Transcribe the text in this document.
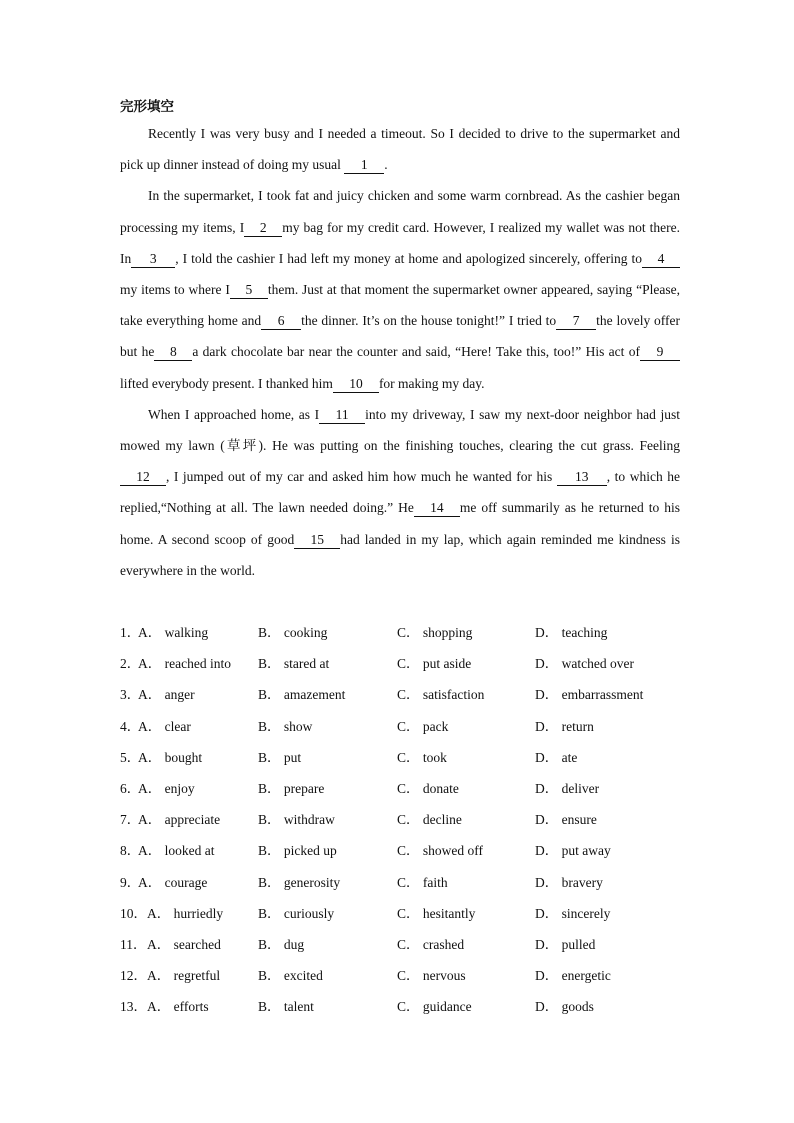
完形填空

Recently I was very busy and I needed a timeout. So I decided to drive to the supermarket and pick up dinner instead of doing my usual 1 .

In the supermarket, I took fat and juicy chicken and some warm cornbread. As the cashier began processing my items, I 2 my bag for my credit card. However, I realized my wallet was not there. In 3 , I told the cashier I had left my money at home and apologized sincerely, offering to 4my items to where I 5 them. Just at that moment the supermarket owner appeared, saying “Please, take everything home and 6 the dinner. It’s on the house tonight!” I tried to 7 the lovely offer but he 8 a dark chocolate bar near the counter and said, “Here! Take this, too!” His act of 9lifted everybody present. I thanked him 10 for making my day.

When I approached home, as I 11 into my driveway, I saw my next-door neighbor had just mowed my lawn (草坪). He was putting on the finishing touches, clearing the cut grass. Feeling12 , I jumped out of my car and asked him how much he wanted for his 13 , to which he replied,“Nothing at all. The lawn needed doing.” He 14 me off summarily as he returned to his home. A second scoop of good 15 had landed in my lap, which again reminded me kindness is everywhere in the world.

1．
A． walking	B． cooking	C． shopping	D． teaching
2．
A． reached into B． stared at	C． put aside	D． watched over
3．
A． anger	B． amazement	C． satisfaction	D． embarrassment
4．
A． clear	B． show	C． pack	D． return
5．
A． bought	B． put	C． took	D． ate
6．
A． enjoy	B． prepare	C． donate	D． deliver
7．
A． appreciate	B． withdraw	C． decline	D． ensure
8．
A． looked at	B． picked up	C． showed off	D． put away
9．
A． courage	B． generosity	C． faith	D． bravery
10． A． hurriedly	B． curiously	C． hesitantly	D． sincerely
11． A． searched	B． dug	C． crashed	D． pulled
12． A． regretful	B． excited	C． nervous	D． energetic
13． A． efforts	B． talent	C． guidance	D． goods
